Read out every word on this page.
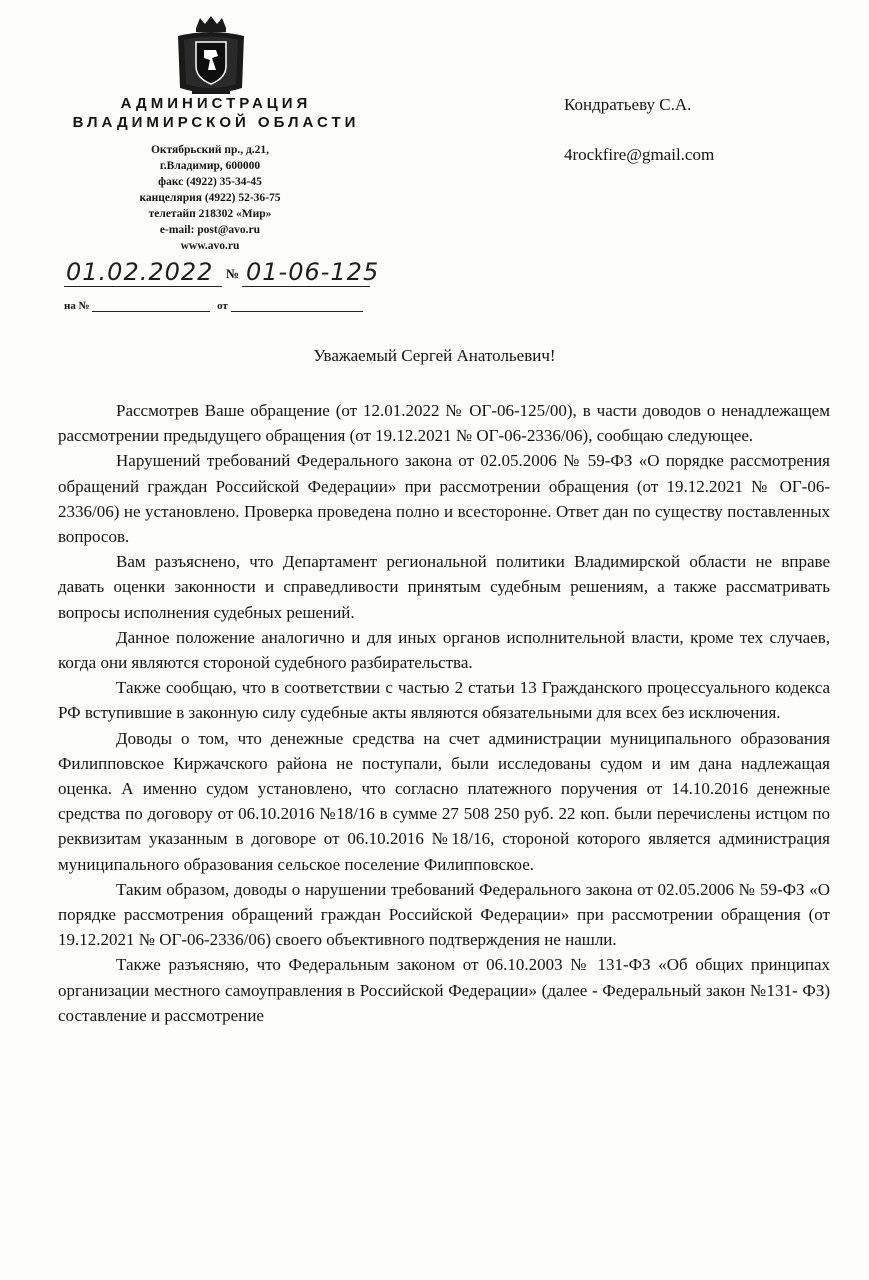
АДМИНИСТРАЦИЯ
ВЛАДИМИРСКОЙ ОБЛАСТИ
Октябрьский пр., д.21,
г.Владимир, 600000
факс (4922) 35-34-45
канцелярия (4922) 52-36-75
телетайп 218302 «Мир»
e-mail: post@avo.ru
www.avo.ru
01.02.2022 № 01-06-125
на №	от
Кондратьеву С.А.
4rockfire@gmail.com
Уважаемый Сергей Анатольевич!

Рассмотрев Ваше обращение (от 12.01.2022 № ОГ-06-125/00), в части доводов о ненадлежащем рассмотрении предыдущего обращения (от 19.12.2021 № ОГ-06-2336/06), сообщаю следующее.

Нарушений требований Федерального закона от 02.05.2006 № 59-ФЗ «О порядке рассмотрения обращений граждан Российской Федерации» при рассмотрении обращения (от 19.12.2021 № ОГ-06-2336/06) не установлено. Проверка проведена полно и всесторонне. Ответ дан по существу поставленных вопросов.

Вам разъяснено, что Департамент региональной политики Владимирской области не вправе давать оценки законности и справедливости принятым судебным решениям, а также рассматривать вопросы исполнения судебных решений.

Данное положение аналогично и для иных органов исполнительной власти, кроме тех случаев, когда они являются стороной судебного разбирательства.

Также сообщаю, что в соответствии с частью 2 статьи 13 Гражданского процессуального кодекса РФ вступившие в законную силу судебные акты являются обязательными для всех без исключения.

Доводы о том, что денежные средства на счет администрации муниципального образования Филипповское Киржачского района не поступали, были исследованы судом и им дана надлежащая оценка. А именно судом установлено, что согласно платежного поручения от 14.10.2016 денежные средства по договору от 06.10.2016 №18/16 в сумме 27 508 250 руб. 22 коп. были перечислены истцом по реквизитам указанным в договоре от 06.10.2016 №18/16, стороной которого является администрация муниципального образования сельское поселение Филипповское.

Таким образом, доводы о нарушении требований Федерального закона от 02.05.2006 № 59-ФЗ «О порядке рассмотрения обращений граждан Российской Федерации» при рассмотрении обращения (от 19.12.2021 № ОГ-06-2336/06) своего объективного подтверждения не нашли.

Также разъясняю, что Федеральным законом от 06.10.2003 № 131-ФЗ «Об общих принципах организации местного самоуправления в Российской Федерации» (далее - Федеральный закон №131- ФЗ) составление и рассмотрение
